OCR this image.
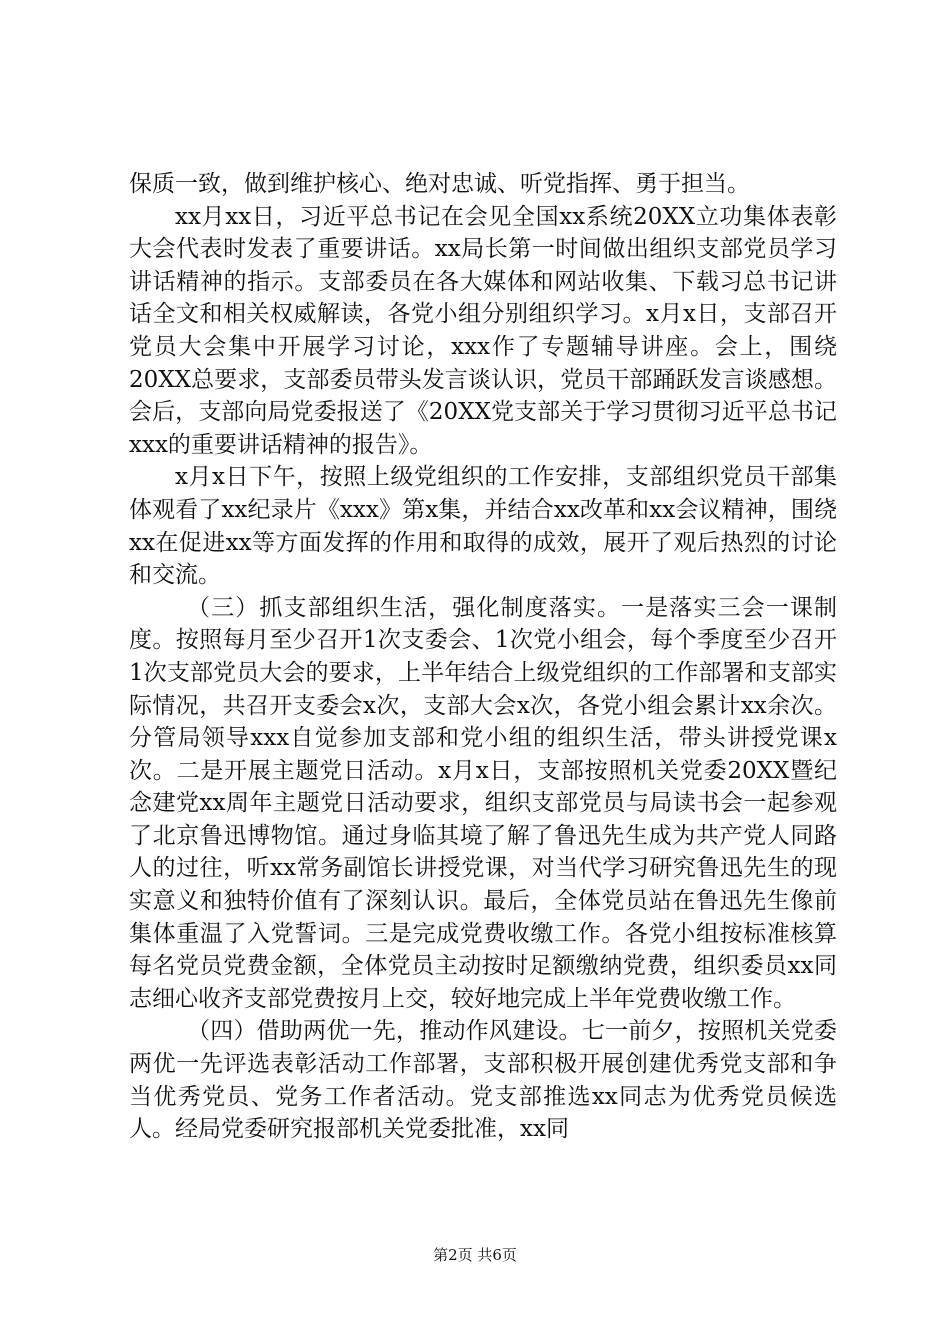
保质一致，做到维护核心、绝对忠诚、听党指挥、勇于担当。

xx月xx日，习近平总书记在会见全国xx系统20XX立功集体表彰大会代表时发表了重要讲话。xx局长第一时间做出组织支部党员学习讲话精神的指示。支部委员在各大媒体和网站收集、下载习总书记讲话全文和相关权威解读，各党小组分别组织学习。x月x日，支部召开党员大会集中开展学习讨论，xxx作了专题辅导讲座。会上，围绕20XX总要求，支部委员带头发言谈认识，党员干部踊跃发言谈感想。会后，支部向局党委报送了《20XX党支部关于学习贯彻习近平总书记xxx的重要讲话精神的报告》。

x月x日下午，按照上级党组织的工作安排，支部组织党员干部集体观看了xx纪录片《xxx》第x集，并结合xx改革和xx会议精神，围绕xx在促进xx等方面发挥的作用和取得的成效，展开了观后热烈的讨论和交流。

（三）抓支部组织生活，强化制度落实。一是落实三会一课制度。按照每月至少召开1次支委会、1次党小组会，每个季度至少召开1次支部党员大会的要求，上半年结合上级党组织的工作部署和支部实际情况，共召开支委会x次，支部大会x次，各党小组会累计xx余次。分管局领导xxx自觉参加支部和党小组的组织生活，带头讲授党课x次。二是开展主题党日活动。x月x日，支部按照机关党委20XX暨纪念建党xx周年主题党日活动要求，组织支部党员与局读书会一起参观了北京鲁迅博物馆。通过身临其境了解了鲁迅先生成为共产党人同路人的过往，听xx常务副馆长讲授党课，对当代学习研究鲁迅先生的现实意义和独特价值有了深刻认识。最后，全体党员站在鲁迅先生像前集体重温了入党誓词。三是完成党费收缴工作。各党小组按标准核算每名党员党费金额，全体党员主动按时足额缴纳党费，组织委员xx同志细心收齐支部党费按月上交，较好地完成上半年党费收缴工作。

（四）借助两优一先，推动作风建设。七一前夕，按照机关党委两优一先评选表彰活动工作部署，支部积极开展创建优秀党支部和争当优秀党员、党务工作者活动。党支部推选xx同志为优秀党员候选人。经局党委研究报部机关党委批准，xx同

第2页 共6页
